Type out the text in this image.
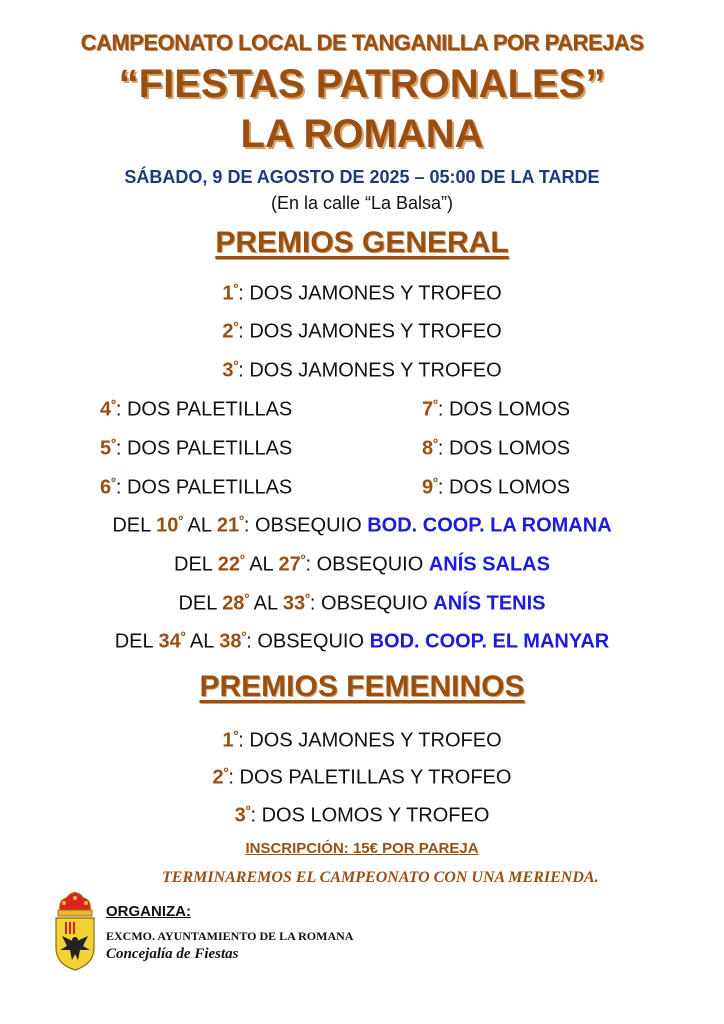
CAMPEONATO LOCAL DE TANGANILLA POR PAREJAS
“FIESTAS PATRONALES”
LA ROMANA
SÁBADO, 9 DE AGOSTO DE 2025 – 05:00 DE LA TARDE
(En la calle “La Balsa”)
PREMIOS GENERAL
$1^º$: DOS JAMONES Y TROFEO
$2^º$: DOS JAMONES Y TROFEO
$3^º$: DOS JAMONES Y TROFEO
$4^º$: DOS PALETILLAS	$7^º$: DOS LOMOS
$5^º$: DOS PALETILLAS	$8^º$: DOS LOMOS
$6^º$: DOS PALETILLAS	$9^º$: DOS LOMOS
DEL $10^º$ AL $21^º$: OBSEQUIO BOD. COOP. LA ROMANA
DEL $22^º$ AL $27^º$: OBSEQUIO ANÍS SALAS
DEL $28^º$ AL $33^º$: OBSEQUIO ANÍS TENIS
DEL $34^º$ AL $38^º$: OBSEQUIO BOD. COOP. EL MANYAR
PREMIOS FEMENINOS
$1^º$: DOS JAMONES Y TROFEO
$2^º$: DOS PALETILLAS Y TROFEO
$3^º$: DOS LOMOS Y TROFEO
INSCRIPCIÓN: 15€ POR PAREJA
TERMINAREMOS EL CAMPEONATO CON UNA MERIENDA.
ORGANIZA:
EXCMO. AYUNTAMIENTO DE LA ROMANA
Concejalía de Fiestas
